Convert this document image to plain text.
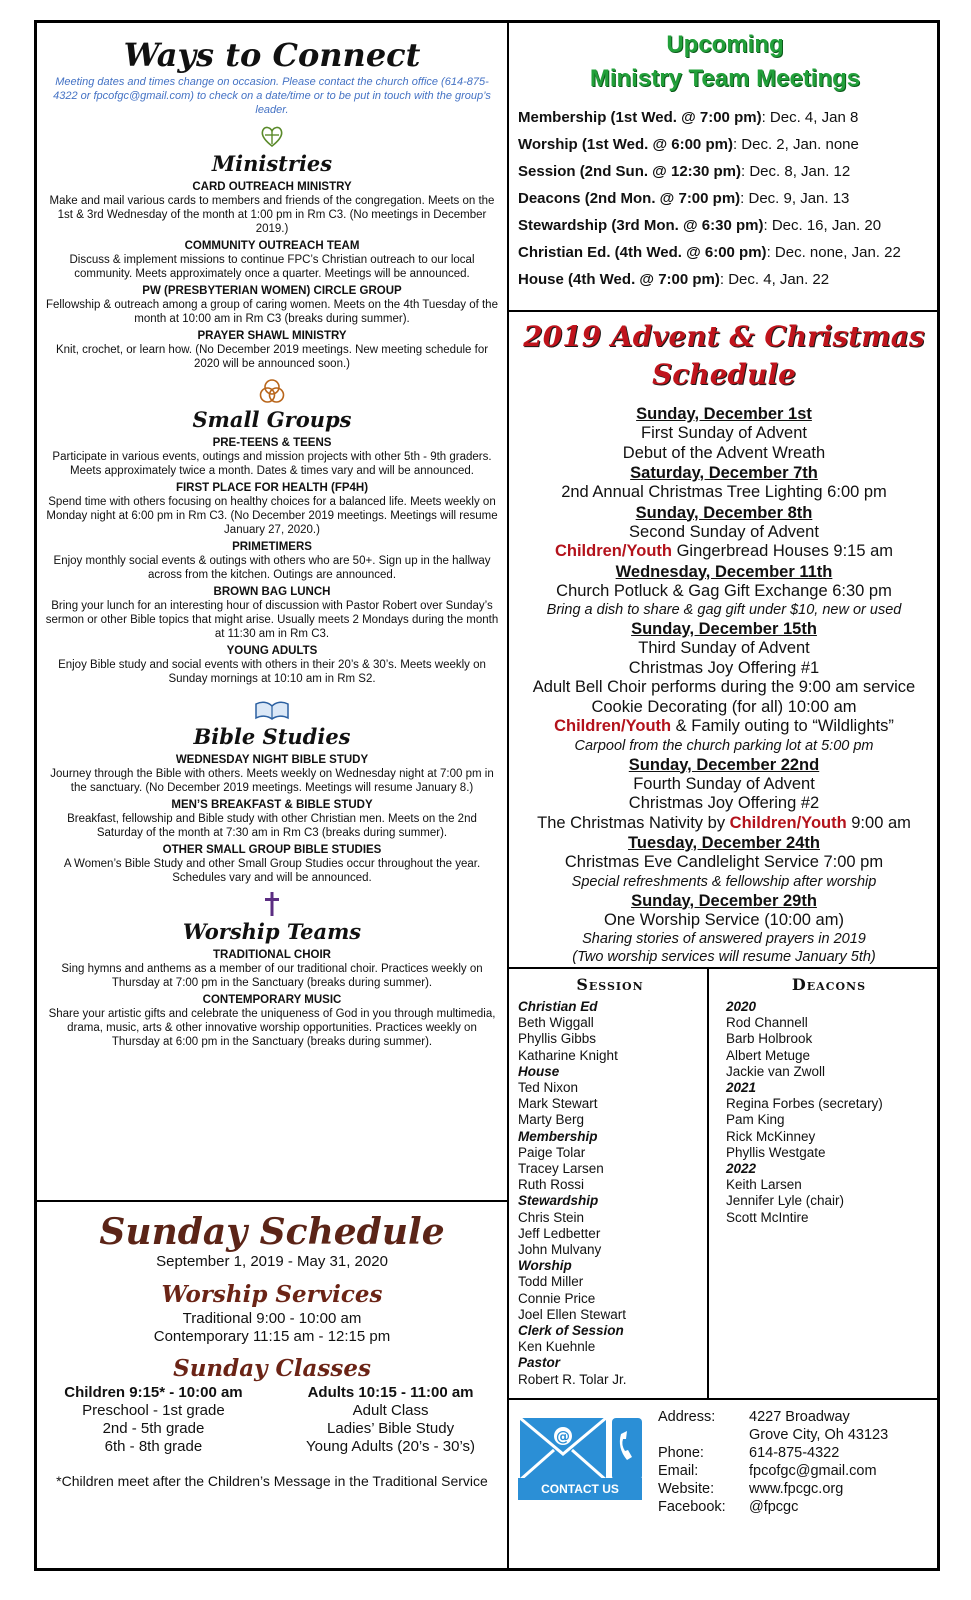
Ways to Connect
Meeting dates and times change on occasion. Please contact the church office (614-875-4322 or fpcofgc@gmail.com) to check on a date/time or to be put in touch with the group’s leader.
Ministries
CARD OUTREACH MINISTRY
Make and mail various cards to members and friends of the congregation. Meets on the 1st & 3rd Wednesday of the month at 1:00 pm in Rm C3. (No meetings in December 2019.)
COMMUNITY OUTREACH TEAM
Discuss & implement missions to continue FPC’s Christian outreach to our local community. Meets approximately once a quarter. Meetings will be announced.
PW (PRESBYTERIAN WOMEN) CIRCLE GROUP
Fellowship & outreach among a group of caring women. Meets on the 4th Tuesday of the month at 10:00 am in Rm C3 (breaks during summer).
PRAYER SHAWL MINISTRY
Knit, crochet, or learn how. (No December 2019 meetings. New meeting schedule for 2020 will be announced soon.)
Small Groups
PRE-TEENS & TEENS
Participate in various events, outings and mission projects with other 5th - 9th graders. Meets approximately twice a month. Dates & times vary and will be announced.
FIRST PLACE FOR HEALTH (FP4H)
Spend time with others focusing on healthy choices for a balanced life. Meets weekly on Monday night at 6:00 pm in Rm C3. (No December 2019 meetings. Meetings will resume January 27, 2020.)
PRIMETIMERS
Enjoy monthly social events & outings with others who are 50+. Sign up in the hallway across from the kitchen. Outings are announced.
BROWN BAG LUNCH
Bring your lunch for an interesting hour of discussion with Pastor Robert over Sunday’s sermon or other Bible topics that might arise. Usually meets 2 Mondays during the month at 11:30 am in Rm C3.
YOUNG ADULTS
Enjoy Bible study and social events with others in their 20’s & 30’s. Meets weekly on Sunday mornings at 10:10 am in Rm S2.
Bible Studies
WEDNESDAY NIGHT BIBLE STUDY
Journey through the Bible with others. Meets weekly on Wednesday night at 7:00 pm in the sanctuary. (No December 2019 meetings. Meetings will resume January 8.)
MEN’S BREAKFAST & BIBLE STUDY
Breakfast, fellowship and Bible study with other Christian men. Meets on the 2nd Saturday of the month at 7:30 am in Rm C3 (breaks during summer).
OTHER SMALL GROUP BIBLE STUDIES
A Women’s Bible Study and other Small Group Studies occur throughout the year. Schedules vary and will be announced.
Worship Teams
TRADITIONAL CHOIR
Sing hymns and anthems as a member of our traditional choir. Practices weekly on Thursday at 7:00 pm in the Sanctuary (breaks during summer).
CONTEMPORARY MUSIC
Share your artistic gifts and celebrate the uniqueness of God in you through multimedia, drama, music, arts & other innovative worship opportunities. Practices weekly on Thursday at 6:00 pm in the Sanctuary (breaks during summer).
Sunday Schedule
September 1, 2019 - May 31, 2020
Worship Services
Traditional 9:00 - 10:00 am
Contemporary 11:15 am - 12:15 pm
Sunday Classes
Children 9:15* - 10:00 am
Preschool - 1st grade
2nd - 5th grade
6th - 8th grade
Adults 10:15 - 11:00 am
Adult Class
Ladies’ Bible Study
Young Adults (20’s - 30’s)
*Children meet after the Children’s Message in the Traditional Service
Upcoming
Ministry Team Meetings
Membership (1st Wed. @ 7:00 pm): Dec. 4, Jan 8
Worship (1st Wed. @ 6:00 pm): Dec. 2, Jan. none
Session (2nd Sun. @ 12:30 pm): Dec. 8, Jan. 12
Deacons (2nd Mon. @ 7:00 pm): Dec. 9, Jan. 13
Stewardship (3rd Mon. @ 6:30 pm): Dec. 16, Jan. 20
Christian Ed. (4th Wed. @ 6:00 pm): Dec. none, Jan. 22
House (4th Wed. @ 7:00 pm): Dec. 4, Jan. 22
2019 Advent & Christmas Schedule
Sunday, December 1st
First Sunday of Advent
Debut of the Advent Wreath
Saturday, December 7th
2nd Annual Christmas Tree Lighting 6:00 pm
Sunday, December 8th
Second Sunday of Advent
Children/Youth Gingerbread Houses 9:15 am
Wednesday, December 11th
Church Potluck & Gag Gift Exchange 6:30 pm
Bring a dish to share & gag gift under $10, new or used
Sunday, December 15th
Third Sunday of Advent
Christmas Joy Offering #1
Adult Bell Choir performs during the 9:00 am service
Cookie Decorating (for all) 10:00 am
Children/Youth & Family outing to “Wildlights”
Carpool from the church parking lot at 5:00 pm
Sunday, December 22nd
Fourth Sunday of Advent
Christmas Joy Offering #2
The Christmas Nativity by Children/Youth 9:00 am
Tuesday, December 24th
Christmas Eve Candlelight Service 7:00 pm
Special refreshments & fellowship after worship
Sunday, December 29th
One Worship Service (10:00 am)
Sharing stories of answered prayers in 2019
(Two worship services will resume January 5th)
Session
Christian Ed
Beth Wiggall
Phyllis Gibbs
Katharine Knight
House
Ted Nixon
Mark Stewart
Marty Berg
Membership
Paige Tolar
Tracey Larsen
Ruth Rossi
Stewardship
Chris Stein
Jeff Ledbetter
John Mulvany
Worship
Todd Miller
Connie Price
Joel Ellen Stewart
Clerk of Session
Ken Kuehnle
Pastor
Robert R. Tolar Jr.
Deacons
2020
Rod Channell
Barb Holbrook
Albert Metuge
Jackie van Zwoll
2021
Regina Forbes (secretary)
Pam King
Rick McKinney
Phyllis Westgate
2022
Keith Larsen
Jennifer Lyle (chair)
Scott McIntire
@
CONTACT US
Address:	4227 Broadway
Grove City, Oh 43123
Phone:	614-875-4322
Email:	fpcofgc@gmail.com
Website:	www.fpcgc.org
Facebook:	@fpcgc
